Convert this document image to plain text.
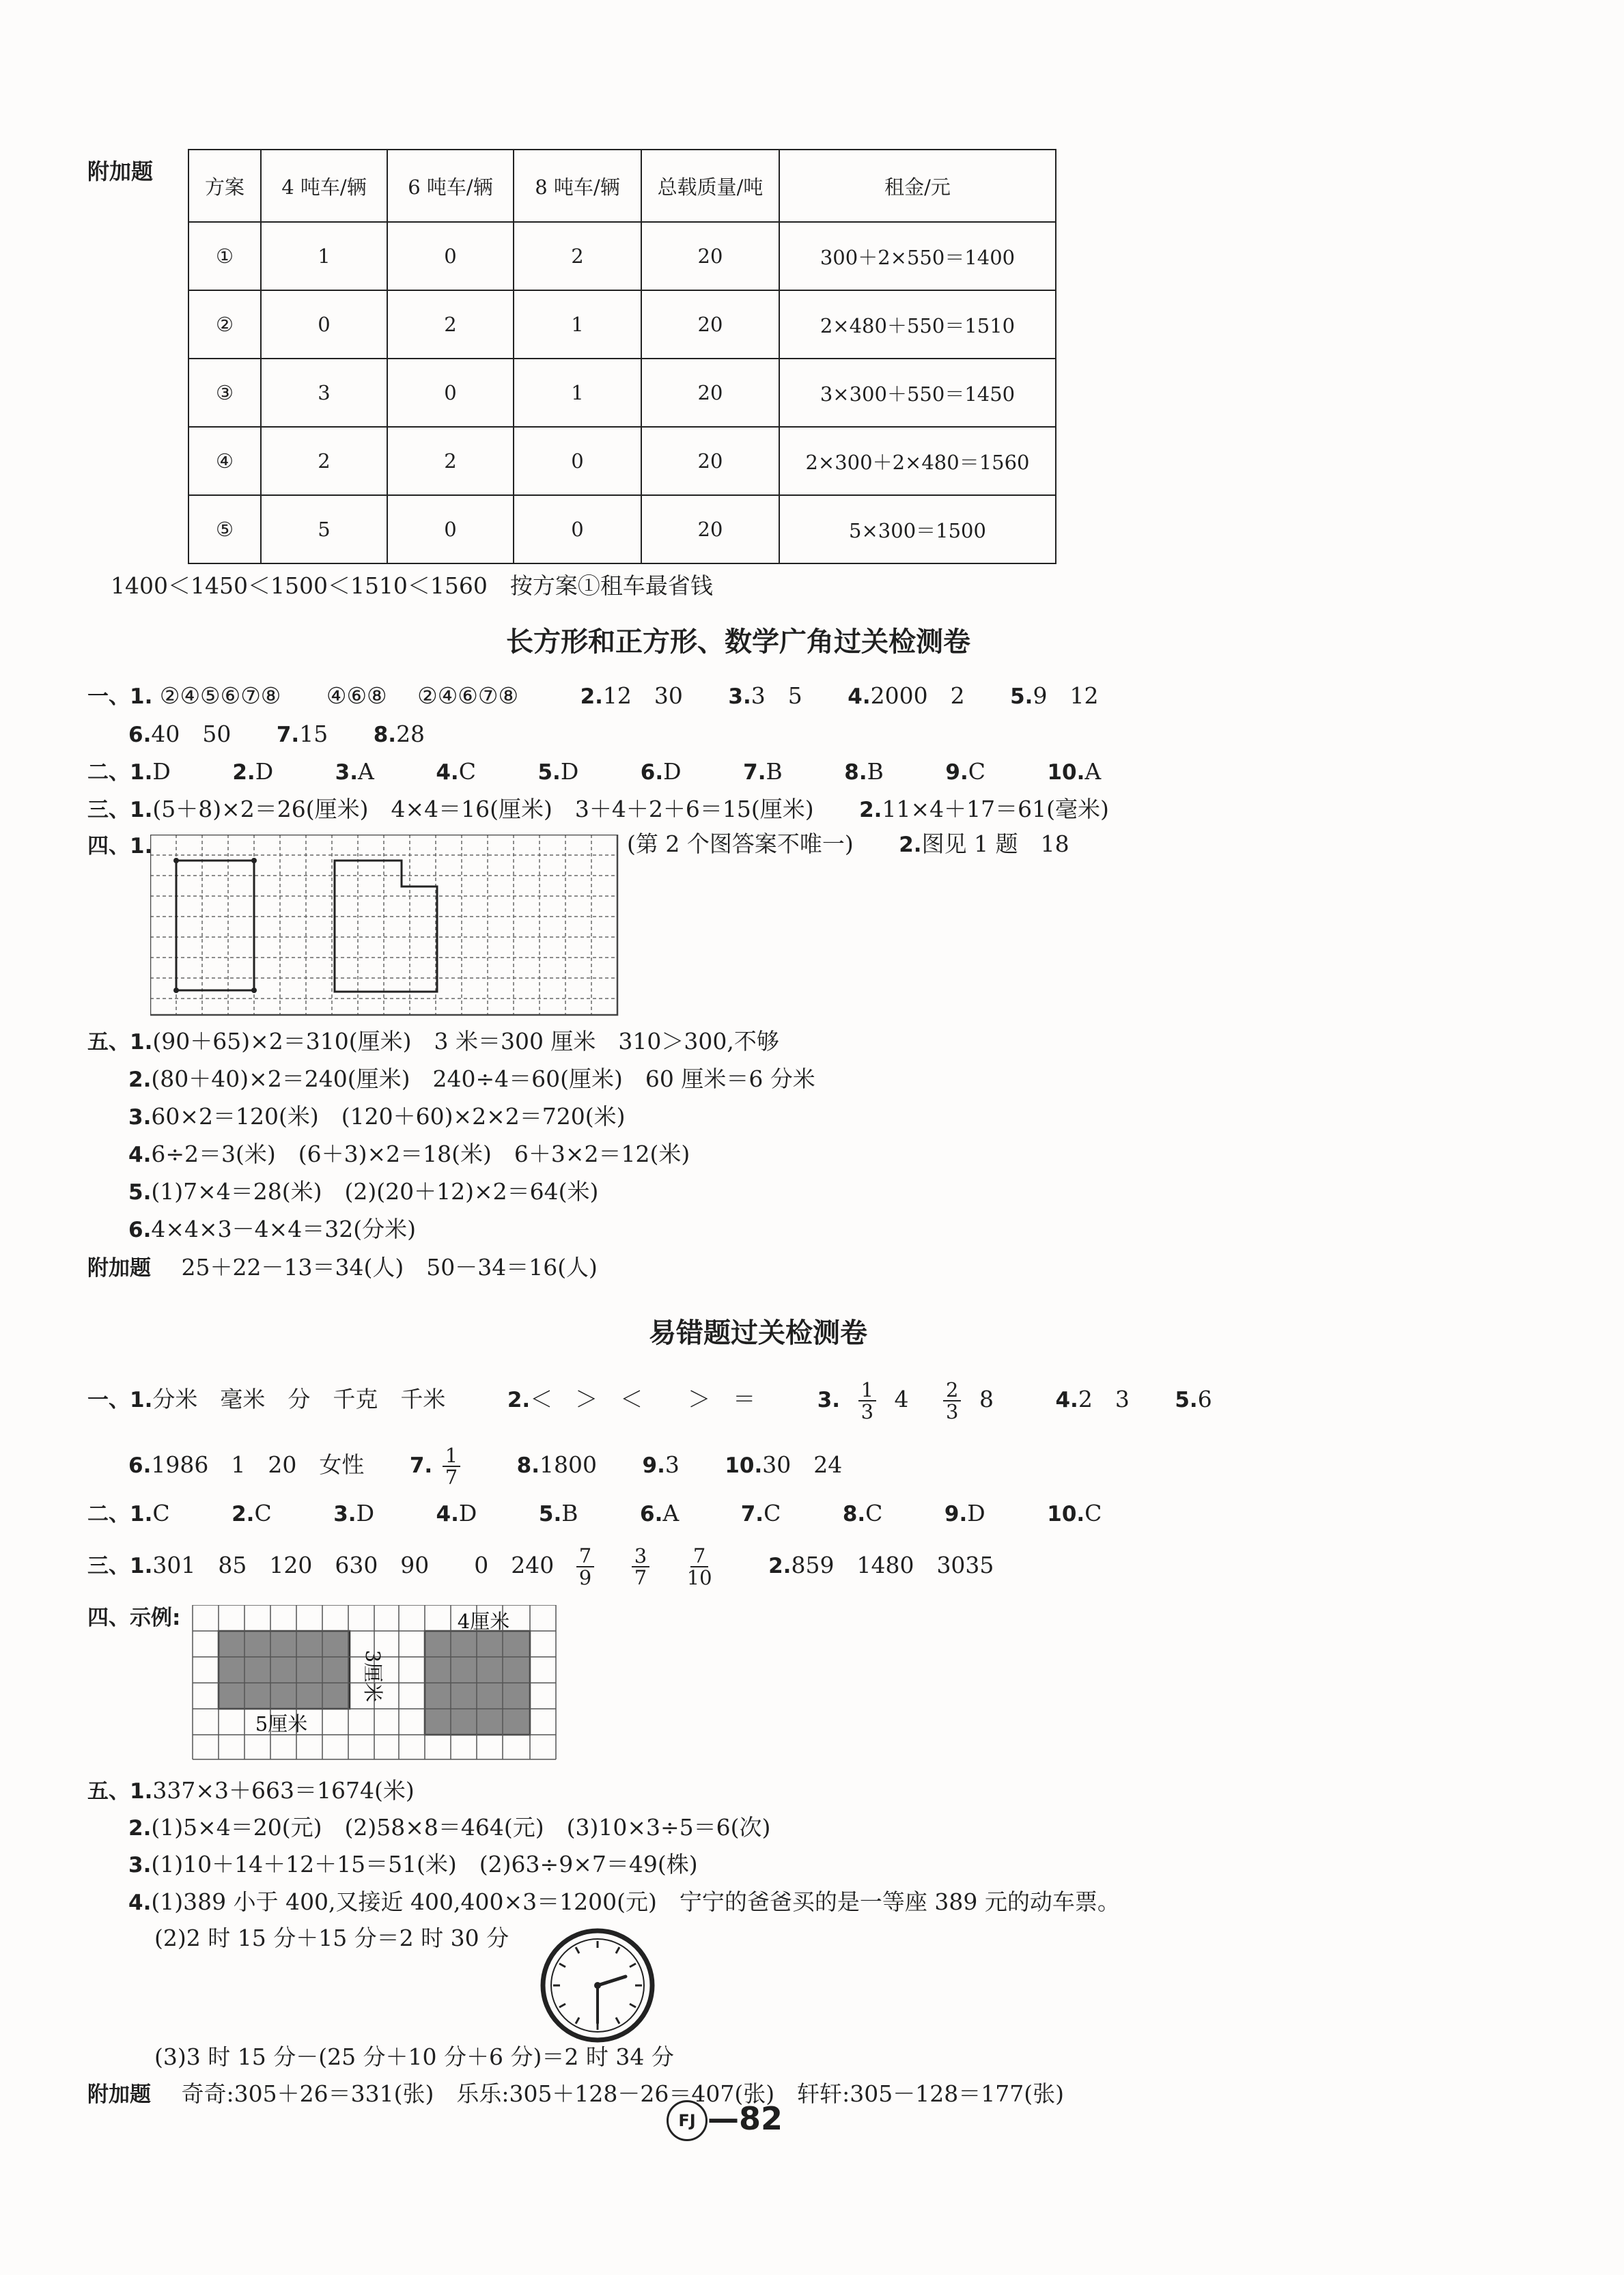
附加题
方案	4 吨车/辆	6 吨车/辆	8 吨车/辆	总载质量/吨	租金/元
①	1	0	2	20	300＋2×550＝1400
②	0	2	1	20	2×480＋550＝1510
③	3	0	1	20	3×300＋550＝1450
④	2	2	0	20	2×300＋2×480＝1560
⑤	5	0	0	20	5×300＝1500
1400＜1450＜1500＜1510＜1560　按方案①租车最省钱
长方形和正方形、数学广角过关检测卷
一、1. ②④⑤⑥⑦⑧ ④⑥⑧ ②④⑥⑦⑧	2.12　30 3.3　5 4.2000　2 5.9　12
6.40　50 7.15 8.28
二、1.D	2.D	3.A	4.C	5.D	6.D	7.B	8.B	9.C	10.A
三、1.(5＋8)×2＝26(厘米)　4×4＝16(厘米)　3＋4＋2＋6＝15(厘米) 2.11×4＋17＝61(毫米)
四、1.	(第 2 个图答案不唯一) 2.图见 1 题　18
五、1.(90＋65)×2＝310(厘米)　3 米＝300 厘米　310＞300,不够
2.(80＋40)×2＝240(厘米)　240÷4＝60(厘米)　60 厘米＝6 分米
3.60×2＝120(米)　(120＋60)×2×2＝720(米)
4.6÷2＝3(米)　(6＋3)×2＝18(米)　6＋3×2＝12(米)
5.(1)7×4＝28(米)　(2)(20＋12)×2＝64(米)
6.4×4×3－4×4＝32(分米)
附加题 25＋22－13＝34(人)　50－34＝16(人)
易错题过关检测卷
一、1.分米　毫米　分　千克　千米	2.＜　＞　＜　　＞　＝	3. $\frac{1}{3} 4 \frac{2}{3} 8$	4.2　3 5.6
6.1986　1　20　女性 7. $\frac{1}{7}$	8.1800 9.3 10.30　24
二、1.C	2.C	3.D	4.D	5.B	6.A	7.C	8.C	9.D	10.C
三、1.301　85　120　630　90　　0　$240 \frac{7}{9}$
$\frac{3}{7}$
$\frac{7}{10}$	2.859　1480　3035
四、示例:	4厘米
3厘米
5厘米
五、1.337×3＋663＝1674(米)
2.(1)5×4＝20(元)　(2)58×8＝464(元)　(3)10×3÷5＝6(次)
3.(1)10＋14＋12＋15＝51(米)　(2)63÷9×7＝49(株)
4.(1)389 小于 400,又接近 400,400×3＝1200(元)　宁宁的爸爸买的是一等座 389 元的动车票。
(2)2 时 15 分＋15 分＝2 时 30 分
(3)3 时 15 分－(25 分＋10 分＋6 分)＝2 时 34 分
附加题 奇奇:305＋26＝331(张)　乐乐:305＋128－26＝407(张)　轩轩:305－128＝177(张)
FJ —82
